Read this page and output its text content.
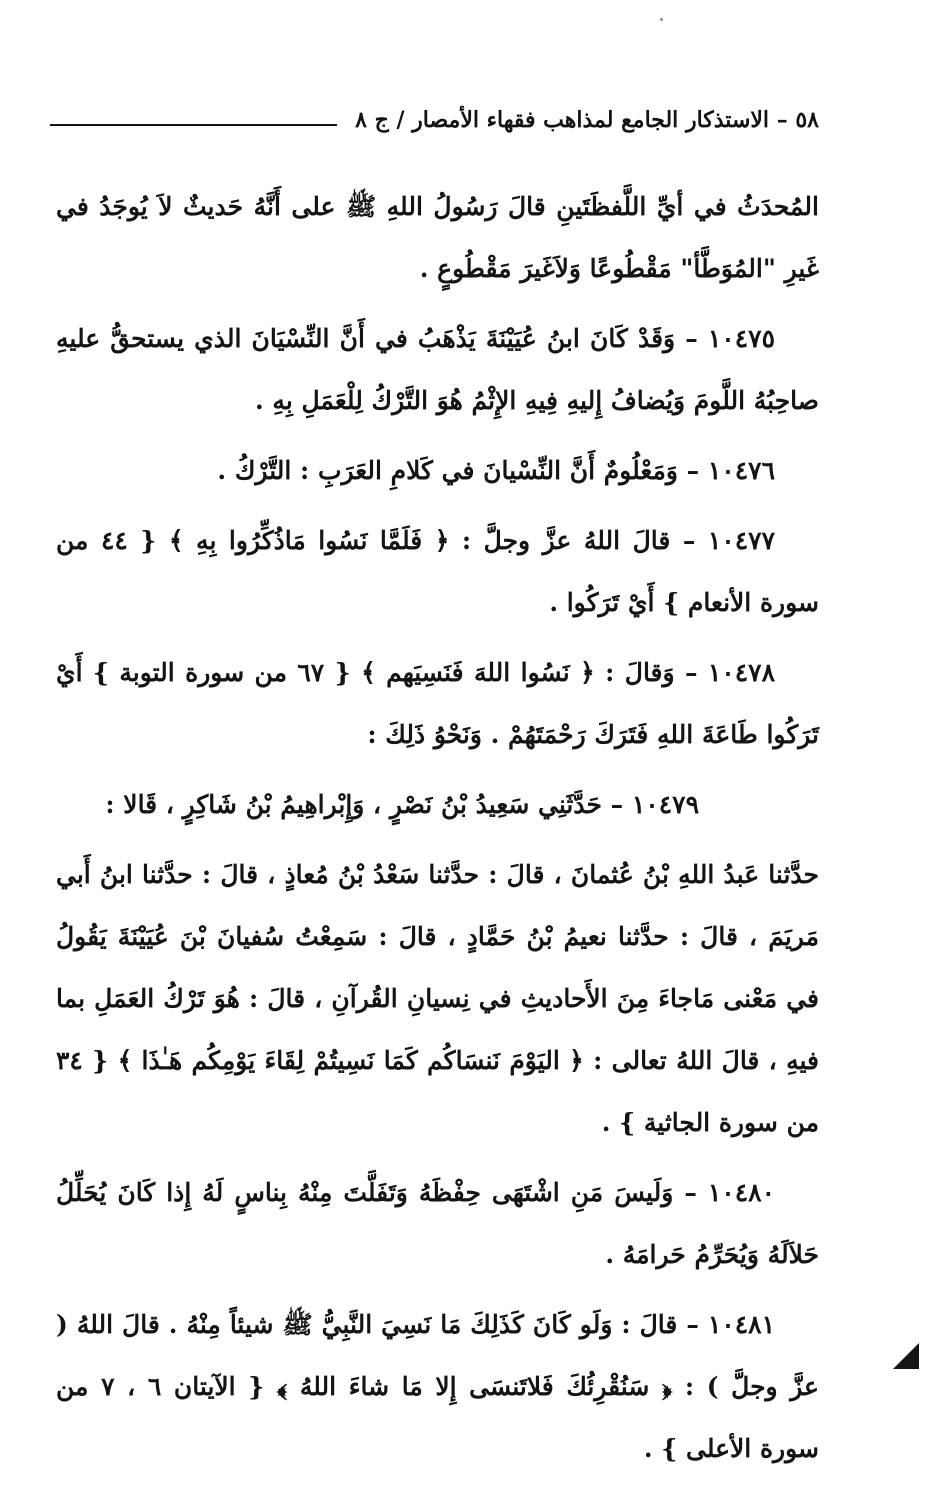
٥٨ – الاستذكار الجامع لمذاهب فقهاء الأمصار / ج ٨

المُحدَثُ في أيِّ اللَّفظَتَينِ قالَ رَسُولُ اللهِ ﷺ على أَنَّهُ حَديثٌ لاَ يُوجَدُ في غَيرِ "المُوَطَّأ" مَقْطُوعًا وَلاَغَيرَ مَقْطُوعٍ .

١٠٤٧٥ – وَقَدْ كَانَ ابنُ عُيَيْنَةَ يَذْهَبُ في أَنَّ النِّسْيَانَ الذي يستحقُّ عليهِ صاحِبُهُ اللَّومَ وَيُضافُ إِليهِ فِيهِ الإِثْمُ هُوَ التَّرْكُ لِلْعَمَلِ بِهِ .

١٠٤٧٦ – وَمَعْلُومٌ أَنَّ النِّسْيانَ في كَلامِ العَرَبِ : التَّرْكُ .

١٠٤٧٧ – قالَ اللهُ عزَّ وجلَّ : ﴿ فَلَمَّا نَسُوا مَاذُكِّرُوا بِهِ ﴾ { ٤٤ من سورة الأنعام } أَيْ تَرَكُوا .

١٠٤٧٨ – وَقالَ : ﴿ نَسُوا اللهَ فَنَسِيَهم ﴾ { ٦٧ من سورة التوبة } أَيْ تَرَكُوا طَاعَةَ اللهِ فَتَرَكَ رَحْمَتَهُمْ . وَنَحْوُ ذَلِكَ :

١٠٤٧٩ – حَدَّثَنِي سَعِيدُ بْنُ نَصْرٍ ، وَإِبْراهِيمُ بْنُ شَاكِرٍ ، قَالا :

حدَّثنا عَبدُ اللهِ بْنُ عُثمانَ ، قالَ : حدَّثنا سَعْدُ بْنُ مُعاذٍ ، قالَ : حدَّثنا ابنُ أَبي مَريَمَ ، قالَ : حدَّثنا نعيمُ بْنُ حَمَّادٍ ، قالَ : سَمِعْتُ سُفيانَ بْنَ عُيَيْنَةَ يَقُولُ في مَعْنى مَاجاءَ مِنَ الأَحاديثِ في نِسيانِ القُرآنِ ، قالَ : هُوَ تَرْكُ العَمَلِ بما فيهِ ، قالَ اللهُ تعالى : ﴿ اليَوْمَ نَنسَاكُم كَمَا نَسِيتُمْ لِقَاءَ يَوْمِكُم هَـٰذَا ﴾ { ٣٤ من سورة الجاثية } .

١٠٤٨٠ – وَلَيسَ مَنِ اشْتَهَى حِفْظَهُ وَتَفَلَّتَ مِنْهُ بِناسٍ لَهُ إِذا كَانَ يُحَلِّلُ حَلاَلَهُ وَيُحَرِّمُ حَرامَهُ .

١٠٤٨١ – قالَ : وَلَو كَانَ كَذَلِكَ مَا نَسِيَ النَّبِيُّ ﷺ شيئاً مِنْهُ . قالَ اللهُ ( عزَّ وجلَّ ) : ﴿ سَنُقْرِئُكَ فَلاتَنسَى إِلا مَا شاءَ اللهُ ﴾ { الآيتان ٦ ، ٧ من سورة الأعلى } .
